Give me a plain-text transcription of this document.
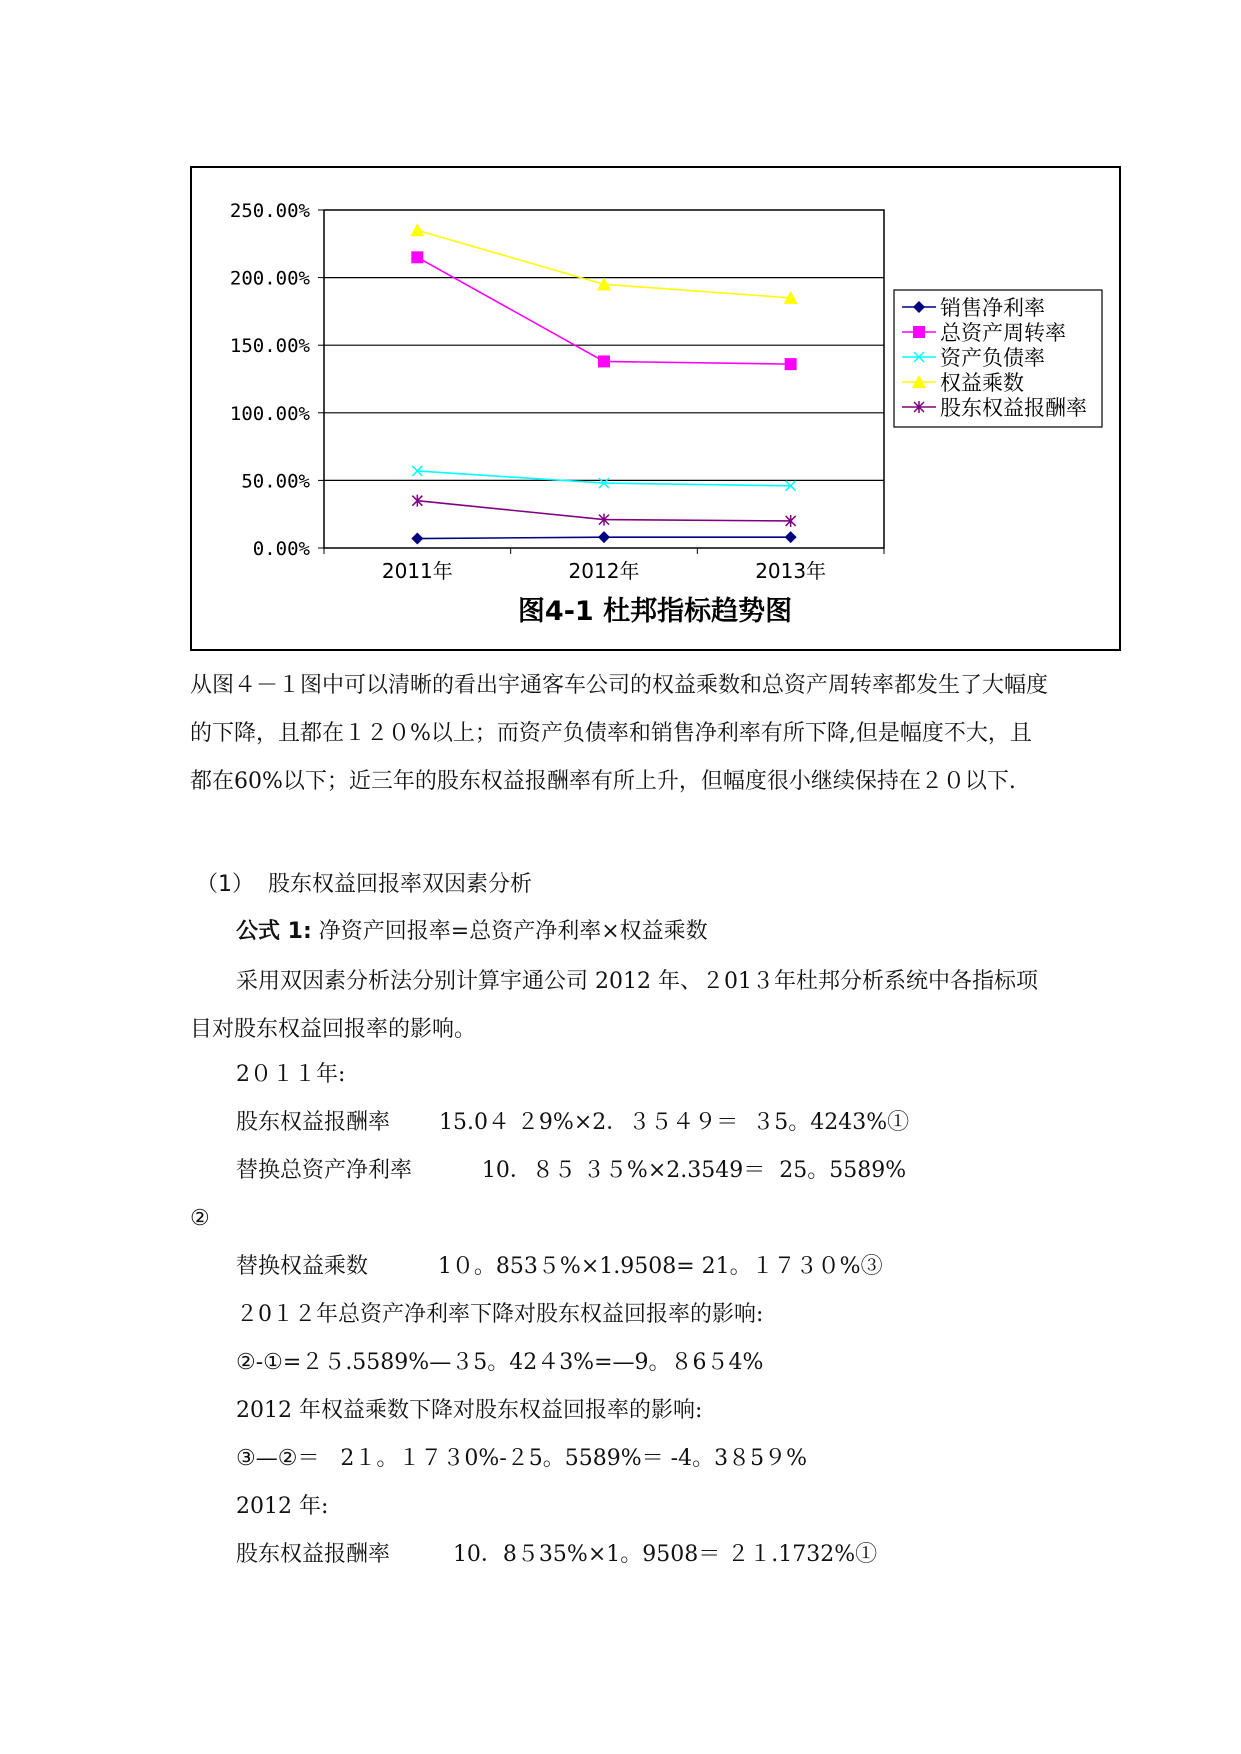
0.00%
50.00%
100.00%
150.00%
200.00%
250.00%
2011年	2012年	2013年
销售净利率
总资产周转率
资产负债率
权益乘数
股东权益报酬率
图4-1 杜邦指标趋势图

从图４－１图中可以清晰的看出宇通客车公司的权益乘数和总资产周转率都发生了大幅度的下降，且都在１２０%以上；而资产负债率和销售净利率有所下降,但是幅度不大，且都在60%以下；近三年的股东权益报酬率有所上升，但幅度很小继续保持在２０以下.

（1）  股东权益回报率双因素分析
公式 1: 净资产回报率=总资产净利率×权益乘数

采用双因素分析法分别计算宇通公司 2012 年、２01３年杜邦分析系统中各指标项目对股东权益回报率的影响。

2０１１年:
股东权益报酬率       15.0４ ２9%×2．３５４９＝  ３5。4243%①
替换总资产净利率          10．８５ ３５%×2.3549＝  25。5589%
②
替换权益乘数          1０。853５%×1.9508= 21。１７３０%③
２0１２年总资产净利率下降对股东权益回报率的影响:
②-①=２５.5589%—３5。42４3%=—9。８6５4%
2012 年权益乘数下降对股东权益回报率的影响:
③—②＝   2１。１７３0%-２5。5589%＝ -4。3８5９%
2012 年:
股东权益报酬率         10．8５35%×1。9508＝ ２１.1732%①
